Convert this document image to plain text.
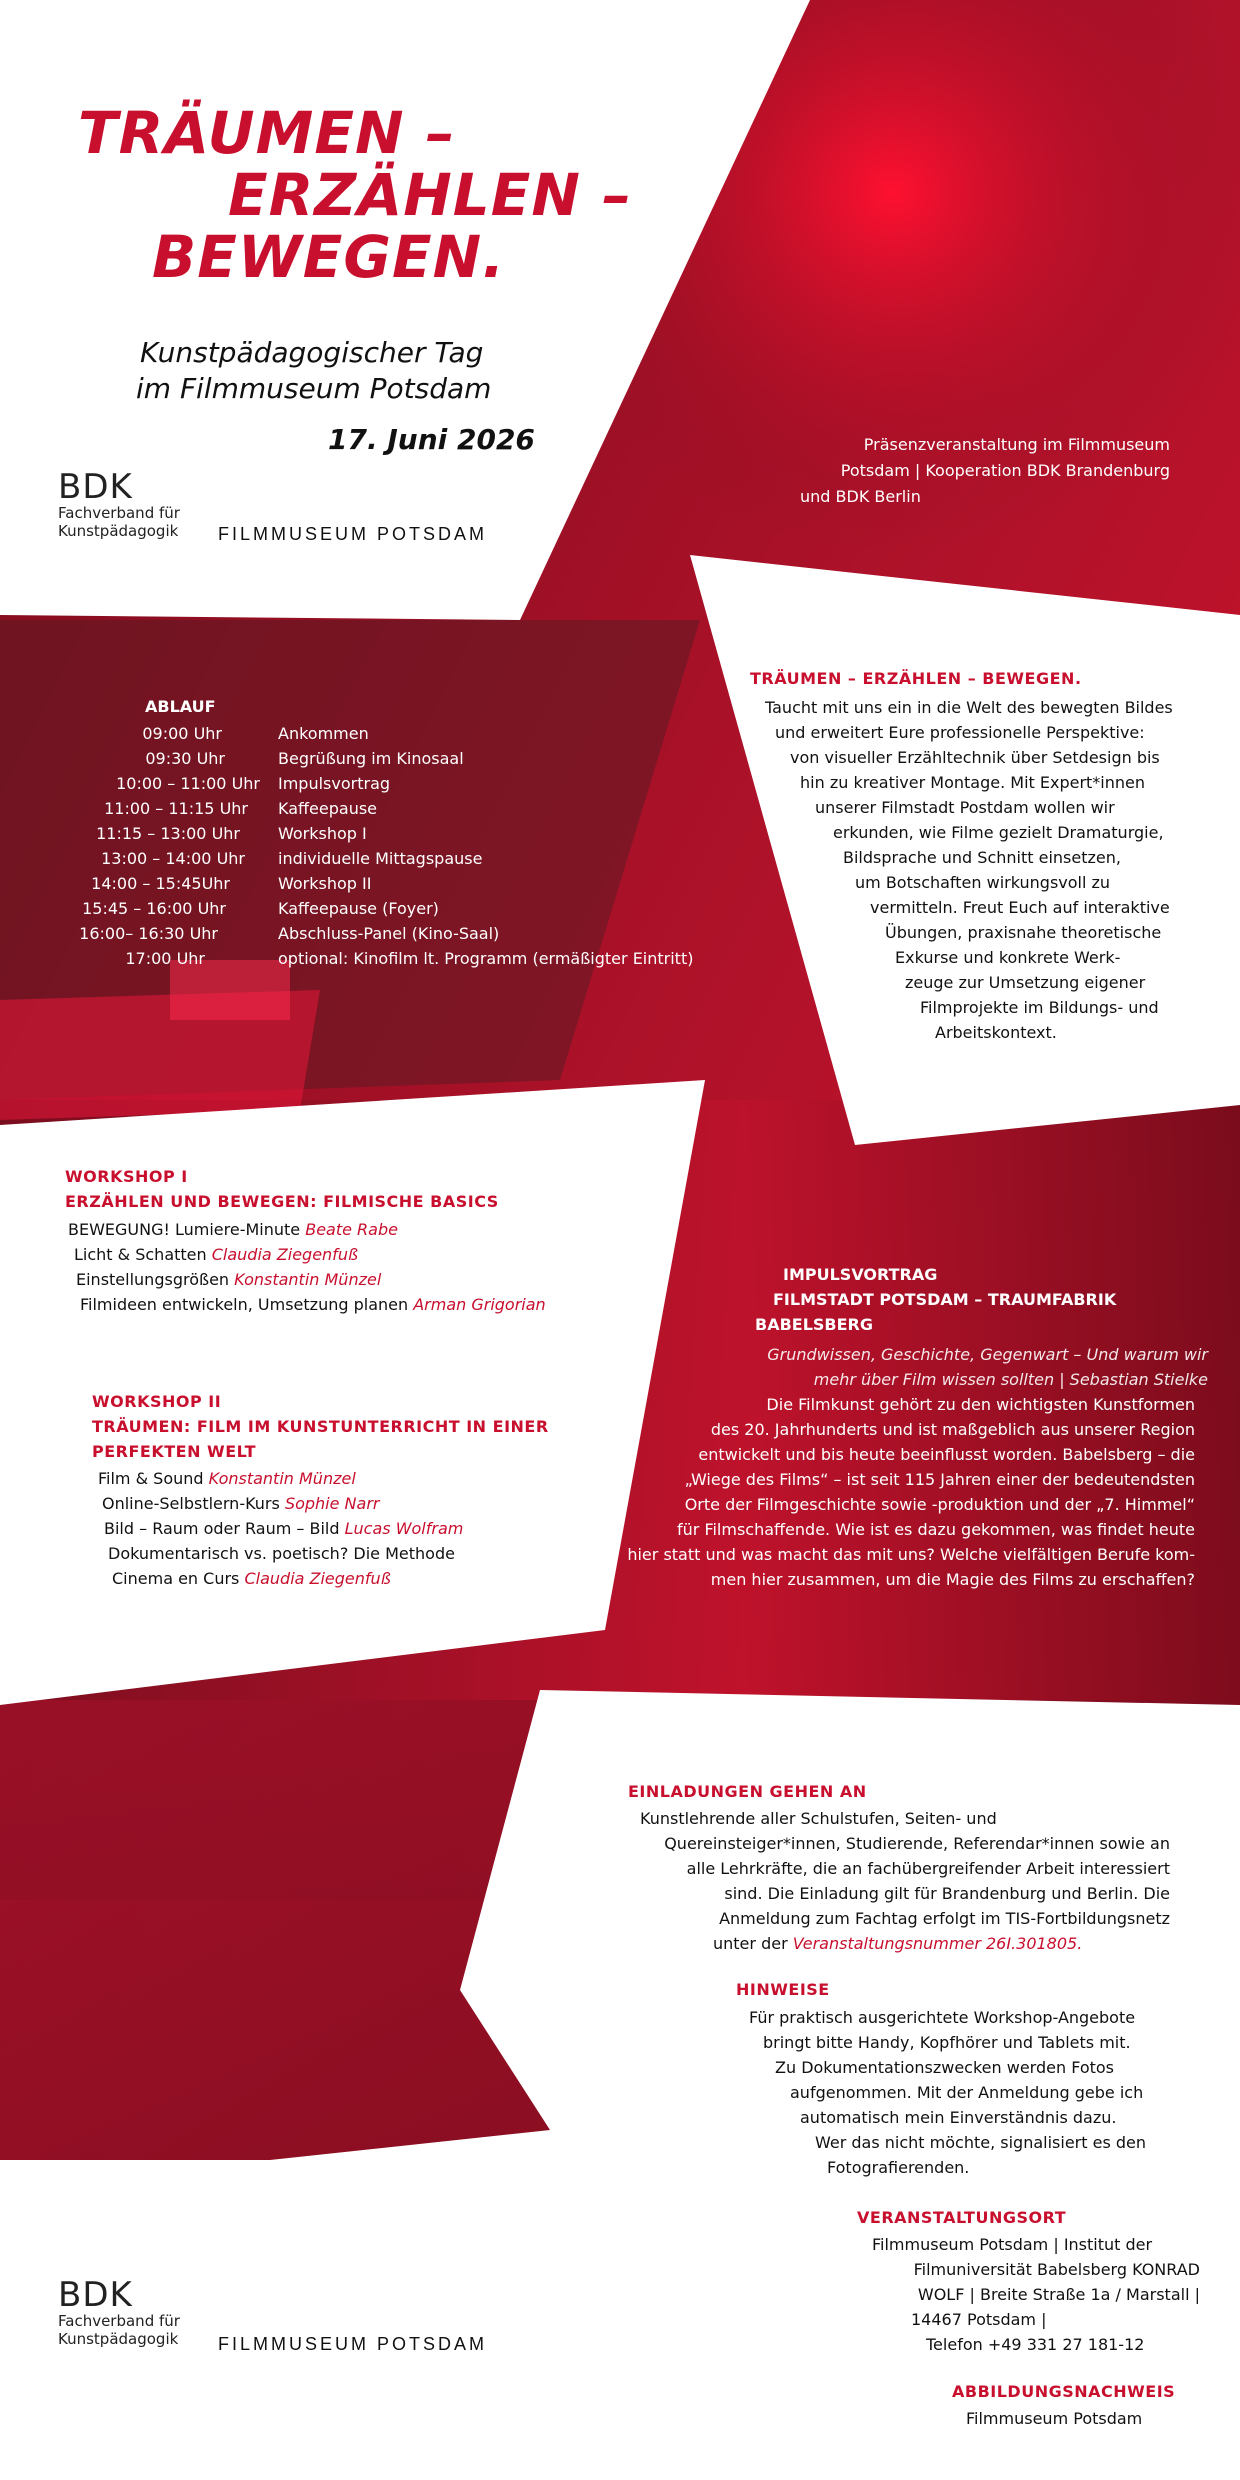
TRÄUMEN –
ERZÄHLEN –
BEWEGEN.
Kunstpädagogischer Tag
im Filmmuseum Potsdam
17. Juni 2026
BDK
Fachverband für
Kunstpädagogik FILMMUSEUM POTSDAM
Präsenzveranstaltung im Filmmuseum
Potsdam | Kooperation BDK Brandenburg
und BDK Berlin
ABLAUF
09:00 Uhr
09:30 Uhr
10:00 – 11:00 Uhr
11:00 – 11:15 Uhr
11:15 – 13:00 Uhr
13:00 – 14:00 Uhr
14:00 – 15:45Uhr
15:45 – 16:00 Uhr
16:00– 16:30 Uhr
17:00 Uhr
Ankommen
Begrüßung im Kinosaal
Impulsvortrag
Kaffeepause
Workshop I
individuelle Mittagspause
Workshop II
Kaffeepause (Foyer)
Abschluss-Panel (Kino-Saal)
optional: Kinofilm lt. Programm (ermäßigter Eintritt)
TRÄUMEN – ERZÄHLEN – BEWEGEN.
Taucht mit uns ein in die Welt des bewegten Bildes
und erweitert Eure professionelle Perspektive:
von visueller Erzähltechnik über Setdesign bis
hin zu kreativer Montage. Mit Expert*innen
unserer Filmstadt Postdam wollen wir
erkunden, wie Filme gezielt Dramaturgie,
Bildsprache und Schnitt einsetzen,
um Botschaften wirkungsvoll zu
vermitteln. Freut Euch auf interaktive
Übungen, praxisnahe theoretische
Exkurse und konkrete Werk-
zeuge zur Umsetzung eigener
Filmprojekte im Bildungs- und
Arbeitskontext.
WORKSHOP I
ERZÄHLEN UND BEWEGEN: FILMISCHE BASICS
BEWEGUNG! Lumiere-Minute Beate Rabe
Licht & Schatten Claudia Ziegenfuß
Einstellungsgrößen Konstantin Münzel
Filmideen entwickeln, Umsetzung planen Arman Grigorian
WORKSHOP II
TRÄUMEN: FILM IM KUNSTUNTERRICHT IN EINER
PERFEKTEN WELT
Film & Sound Konstantin Münzel
Online-Selbstlern-Kurs Sophie Narr
Bild – Raum oder Raum – Bild Lucas Wolfram
Dokumentarisch vs. poetisch? Die Methode
Cinema en Curs Claudia Ziegenfuß
IMPULSVORTRAG
FILMSTADT POTSDAM – TRAUMFABRIK
BABELSBERG
Grundwissen, Geschichte, Gegenwart – Und warum wir
mehr über Film wissen sollten | Sebastian Stielke
Die Filmkunst gehört zu den wichtigsten Kunstformen
des 20. Jahrhunderts und ist maßgeblich aus unserer Region
entwickelt und bis heute beeinflusst worden. Babelsberg – die
„Wiege des Films“ – ist seit 115 Jahren einer der bedeutendsten
Orte der Filmgeschichte sowie -produktion und der „7. Himmel“
für Filmschaffende. Wie ist es dazu gekommen, was findet heute
hier statt und was macht das mit uns? Welche vielfältigen Berufe kom-
men hier zusammen, um die Magie des Films zu erschaffen?
EINLADUNGEN GEHEN AN
Kunstlehrende aller Schulstufen, Seiten- und
Quereinsteiger*innen, Studierende, Referendar*innen sowie an
alle Lehrkräfte, die an fachübergreifender Arbeit interessiert
sind. Die Einladung gilt für Brandenburg und Berlin. Die
Anmeldung zum Fachtag erfolgt im TIS-Fortbildungsnetz
unter der Veranstaltungsnummer 26I.301805.
HINWEISE
Für praktisch ausgerichtete Workshop-Angebote
bringt bitte Handy, Kopfhörer und Tablets mit.
Zu Dokumentationszwecken werden Fotos
aufgenommen. Mit der Anmeldung gebe ich
automatisch mein Einverständnis dazu.
Wer das nicht möchte, signalisiert es den
Fotografierenden.
VERANSTALTUNGSORT
Filmmuseum Potsdam | Institut der
Filmuniversität Babelsberg KONRAD
WOLF | Breite Straße 1a / Marstall |
14467 Potsdam |
Telefon +49 331 27 181-12
ABBILDUNGSNACHWEIS
Filmmuseum Potsdam
BDK
Fachverband für
Kunstpädagogik FILMMUSEUM POTSDAM
